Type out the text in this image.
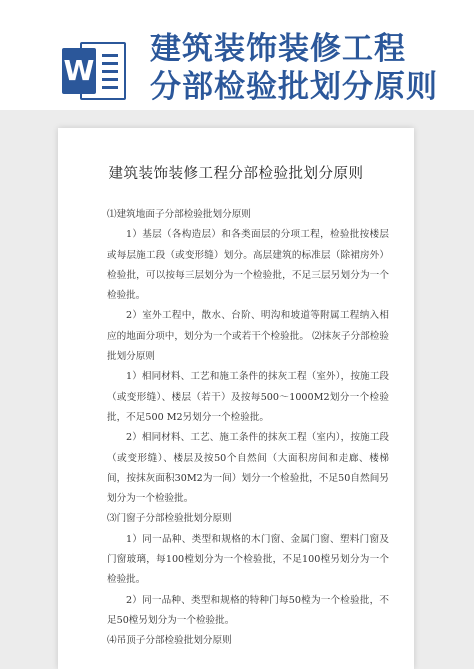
W
建筑装饰装修工程
分部检验批划分原则
建筑装饰装修工程分部检验批划分原则

⑴建筑地面子分部检验批划分原则

1）基层（各构造层）和各类面层的分项工程，检验批按楼层或每层施工段（或变形缝）划分。高层建筑的标准层（除裙房外）检验批，可以按每三层划分为一个检验批，不足三层另划分为一个检验批。

2）室外工程中，散水、台阶、明沟和坡道等附属工程纳入相应的地面分项中，划分为一个或若干个检验批。 ⑵抹灰子分部检验批划分原则

1）相同材料、工艺和施工条件的抹灰工程（室外），按施工段（或变形缝）、楼层（若干）及按每500～1000M2划分一个检验批，不足500 M2另划分一个检验批。

2）相同材料、工艺、施工条件的抹灰工程（室内），按施工段（或变形缝）、楼层及按50个自然间（大面积房间和走廊、楼梯间，按抹灰面积30M2为一间）划分一个检验批，不足50自然间另划分为一个检验批。

⑶门窗子分部检验批划分原则

1）同一品种、类型和规格的木门窗、金属门窗、塑料门窗及门窗玻璃，每100樘划分为一个检验批，不足100樘另划分为一个检验批。

2）同一品种、类型和规格的特种门每50樘为一个检验批，不足50樘另划分为一个检验批。

⑷吊顶子分部检验批划分原则
